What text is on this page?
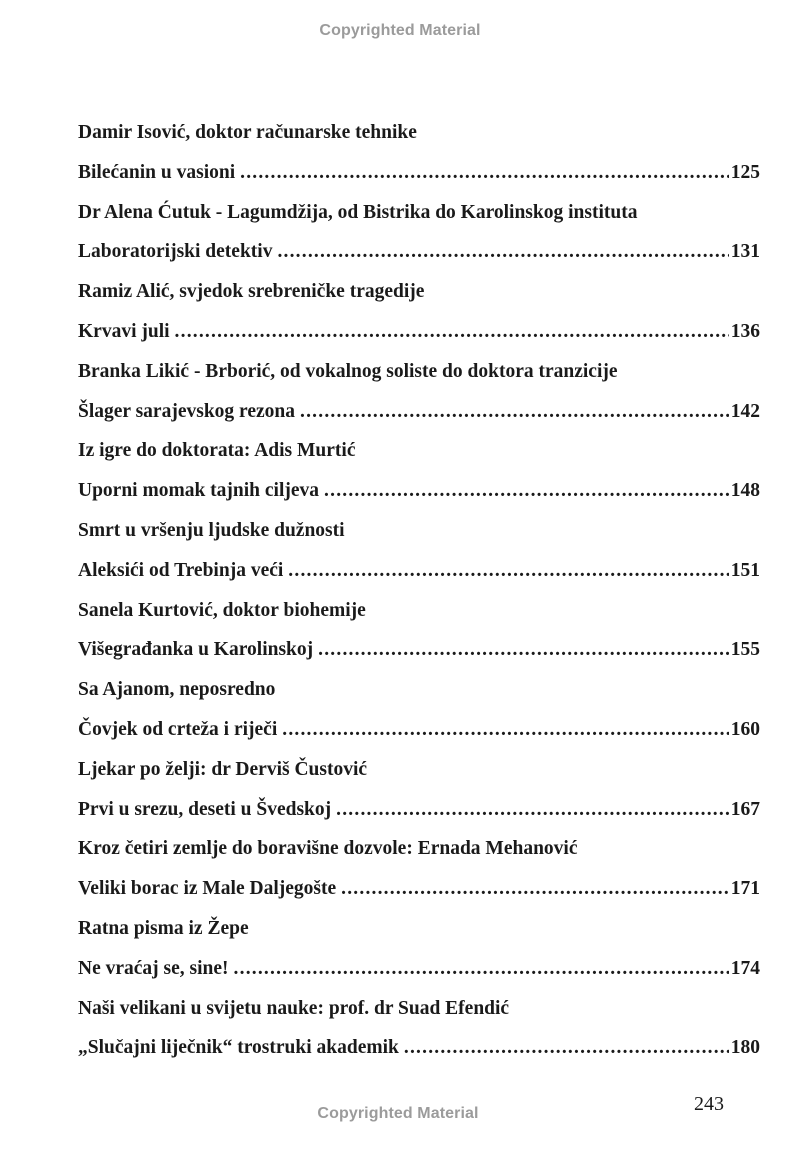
Copyrighted Material
Damir Isović, doktor računarske tehnike
Bilećanin u vasioni .....	125
Dr Alena Ćutuk - Lagumdžija, od Bistrika do Karolinskog instituta
Laboratorijski detektiv .....	131
Ramiz Alić, svjedok srebreničke tragedije
Krvavi juli .....	136
Branka Likić - Brborić, od vokalnog soliste do doktora tranzicije
Šlager sarajevskog rezona .....	142
Iz igre do doktorata: Adis Murtić
Uporni momak tajnih ciljeva .....	148
Smrt u vršenju ljudske dužnosti
Aleksići od Trebinja veći .....	151
Sanela Kurtović, doktor biohemije
Višegrađanka u Karolinskoj .....	155
Sa Ajanom, neposredno
Čovjek od crteža i riječi .....	160
Ljekar po želji: dr Derviš Čustović
Prvi u srezu, deseti u Švedskoj .....	167
Kroz četiri zemlje do boravišne dozvole: Ernada Mehanović
Veliki borac iz Male Daljegošte .....	171
Ratna pisma iz Žepe
Ne vraćaj se, sine! .....	174
Naši velikani u svijetu nauke: prof. dr Suad Efendić
„Slučajni liječnik“ trostruki akademik .....	180
243
Copyrighted Material
